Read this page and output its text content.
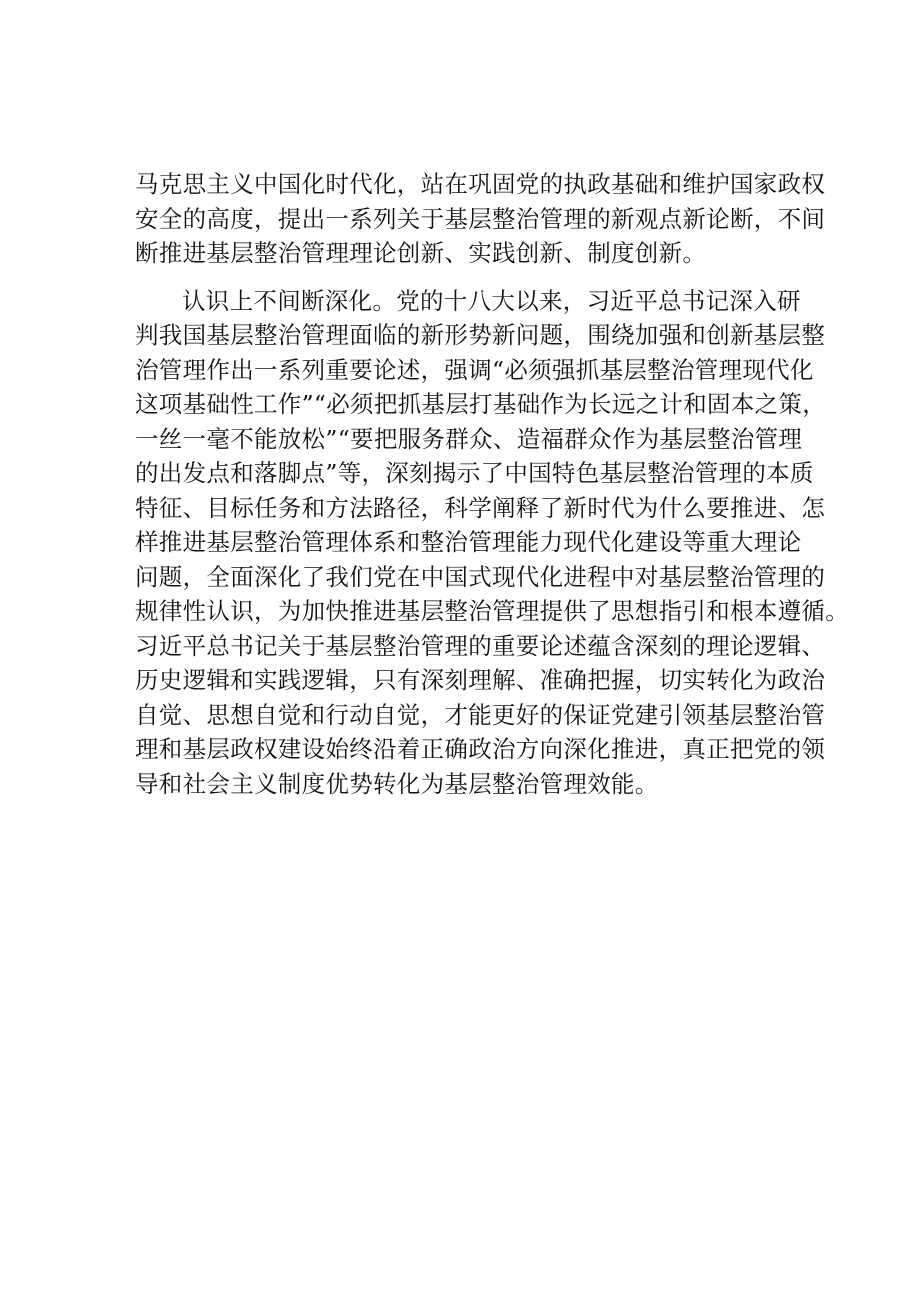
马克思主义中国化时代化，站在巩固党的执政基础和维护国家政权
安全的高度，提出一系列关于基层整治管理的新观点新论断，不间
断推进基层整治管理理论创新、实践创新、制度创新。
认识上不间断深化。党的十八大以来，习近平总书记深入研
判我国基层整治管理面临的新形势新问题，围绕加强和创新基层整
治管理作出一系列重要论述，强调“必须强抓基层整治管理现代化
这项基础性工作”“必须把抓基层打基础作为长远之计和固本之策，
一丝一毫不能放松”“要把服务群众、造福群众作为基层整治管理
的出发点和落脚点”等，深刻揭示了中国特色基层整治管理的本质
特征、目标任务和方法路径，科学阐释了新时代为什么要推进、怎
样推进基层整治管理体系和整治管理能力现代化建设等重大理论
问题，全面深化了我们党在中国式现代化进程中对基层整治管理的
规律性认识，为加快推进基层整治管理提供了思想指引和根本遵循。
习近平总书记关于基层整治管理的重要论述蕴含深刻的理论逻辑、
历史逻辑和实践逻辑，只有深刻理解、准确把握，切实转化为政治
自觉、思想自觉和行动自觉，才能更好的保证党建引领基层整治管
理和基层政权建设始终沿着正确政治方向深化推进，真正把党的领
导和社会主义制度优势转化为基层整治管理效能。
